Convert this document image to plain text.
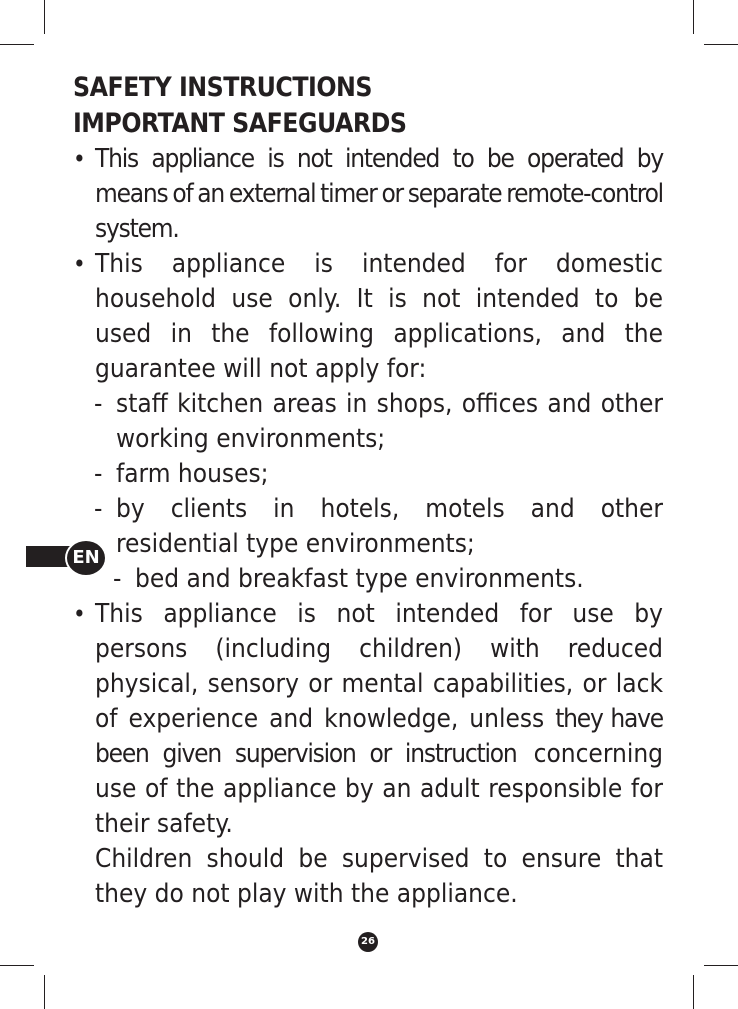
SAFETY INSTRUCTIONS
IMPORTANT SAFEGUARDS
• This appliance is not intended to be operated by means of an external timer or separate remote-control system.
• This appliance is intended for domestic household use only. It is not intended to be used in the following applications, and the guarantee will not apply for:
- staff kitchen areas in shops, offices and other working environments;
- farm houses;
- by clients in hotels, motels and other residential type environments;
- bed and breakfast type environments.
• This appliance is not intended for use by persons (including children) with reduced physical, sensory or mental capabilities, or lack of experience and knowledge, unless they have been given supervision or instruction concerning use of the appliance by an adult responsible for their safety.
Children should be supervised to ensure that they do not play with the appliance.
EN
26
